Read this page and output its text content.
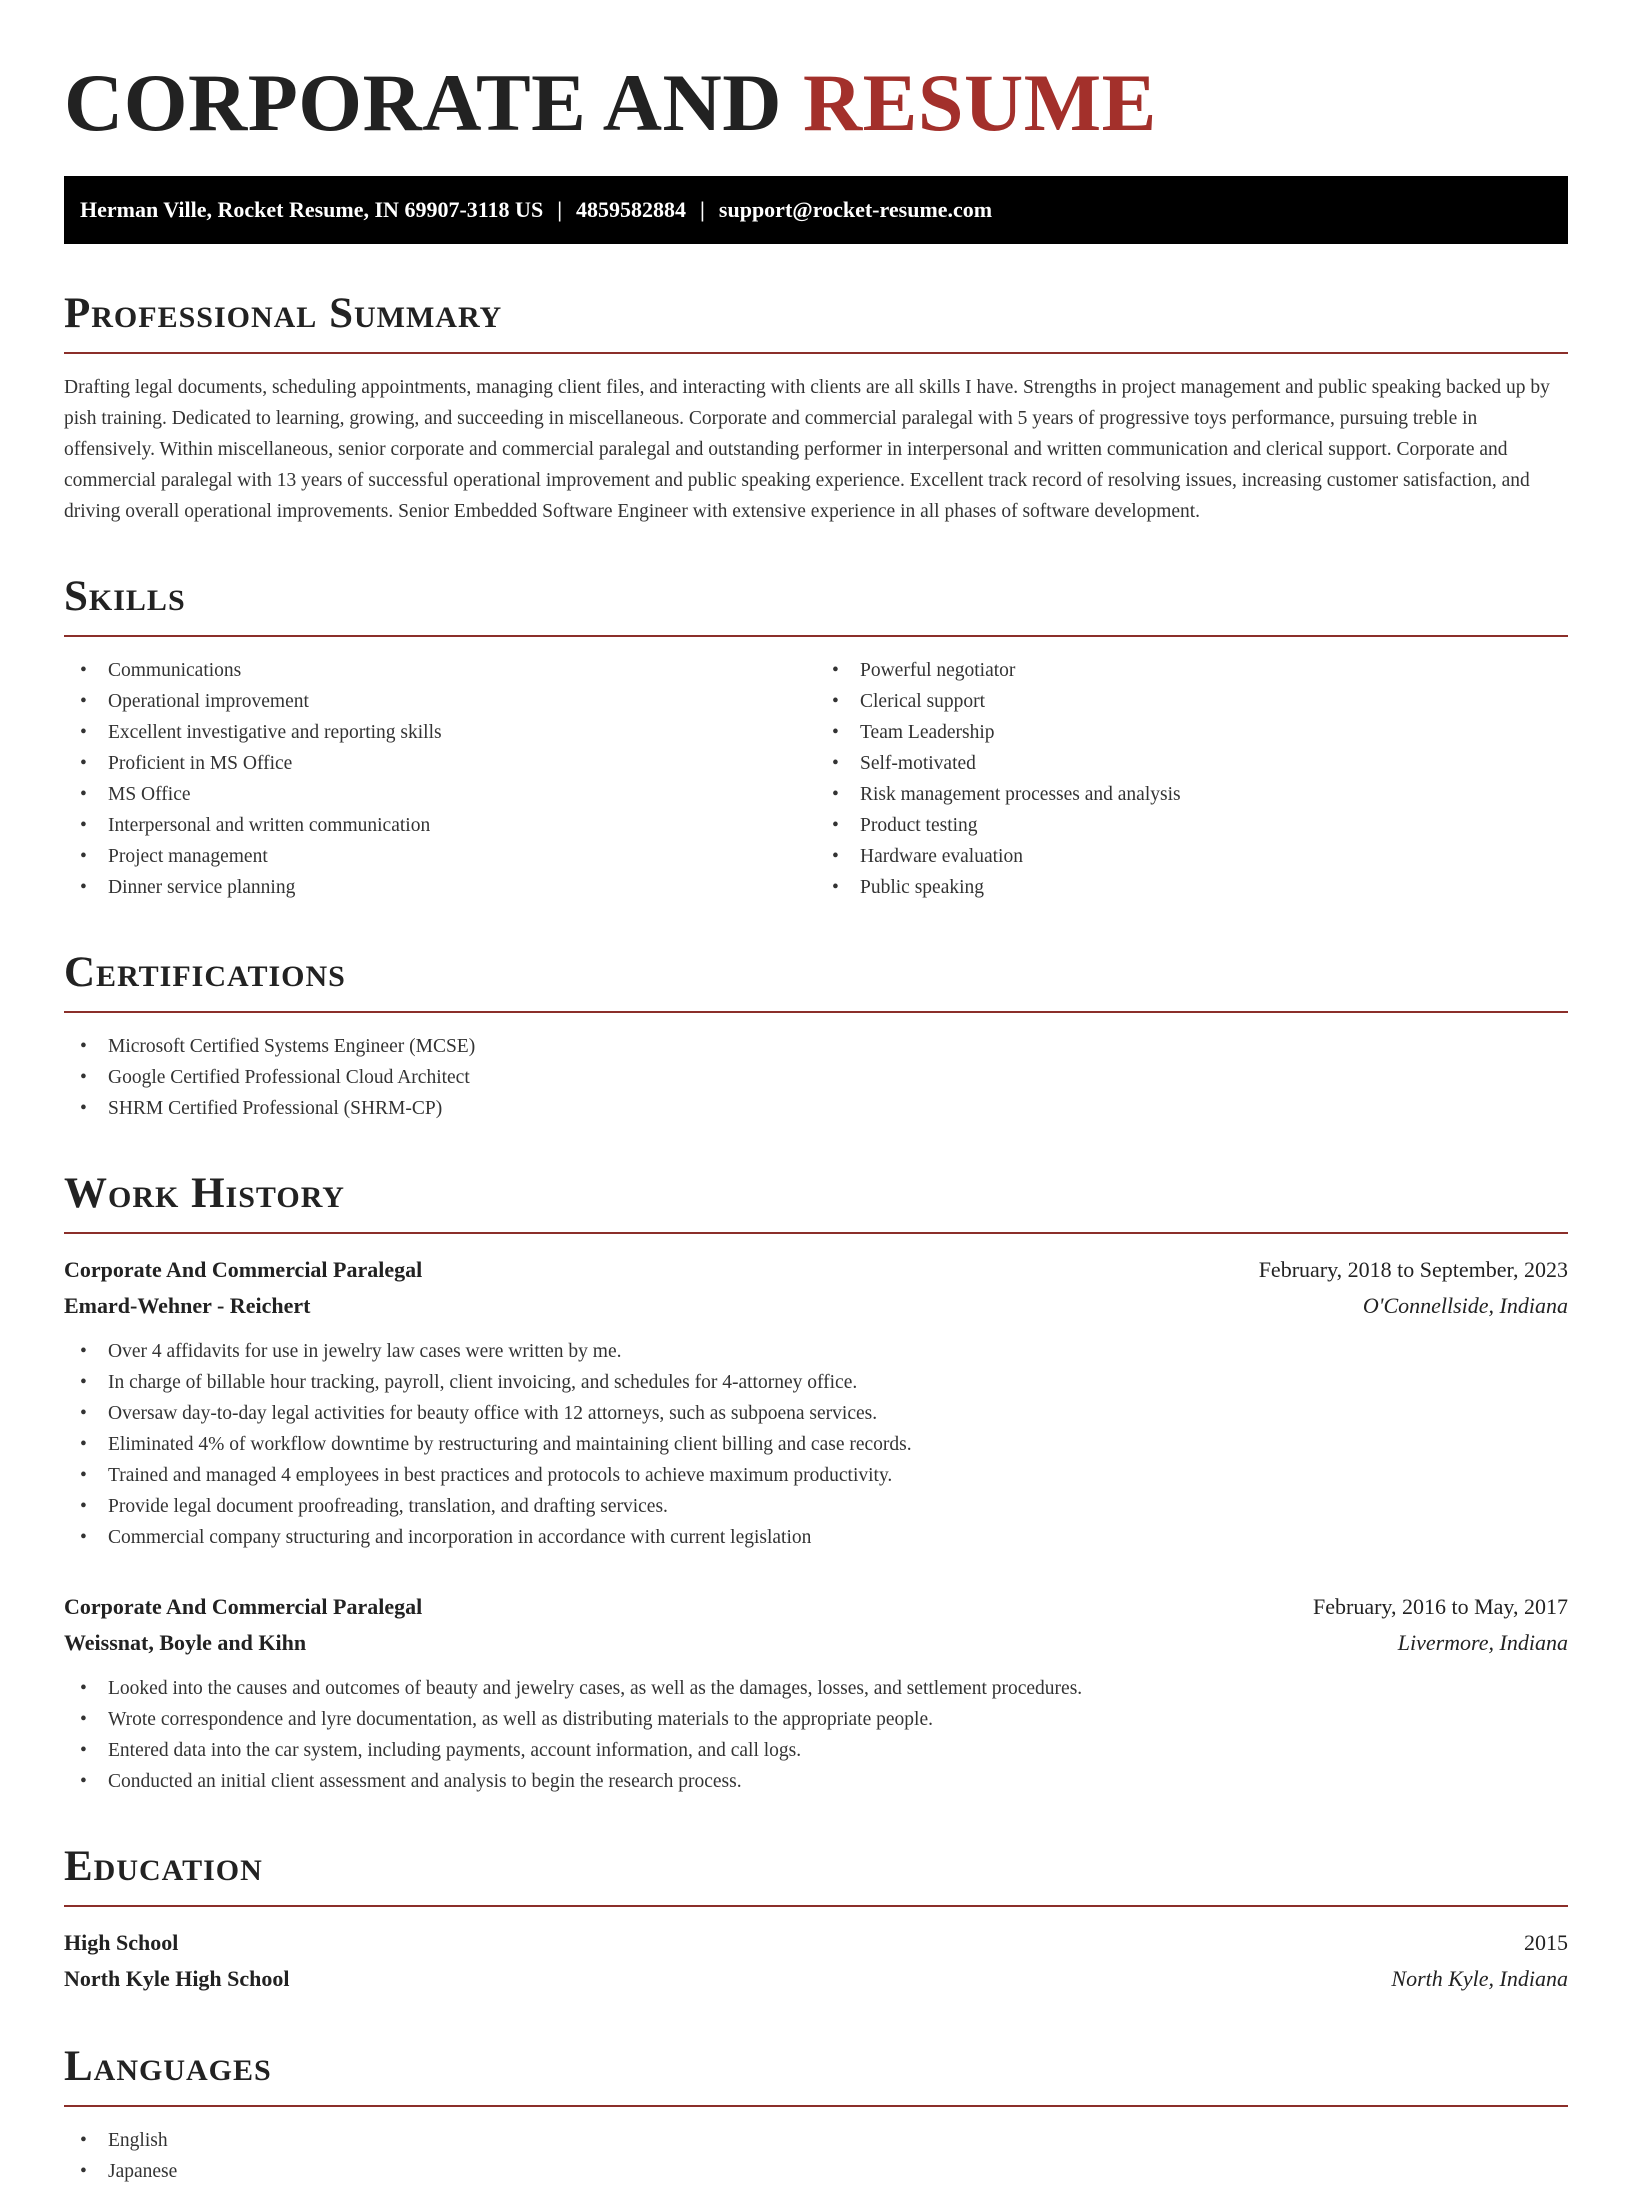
CORPORATE AND RESUME
Herman Ville, Rocket Resume, IN 69907-3118 US | 4859582884 | support@rocket-resume.com
Professional Summary

Drafting legal documents, scheduling appointments, managing client files, and interacting with clients are all skills I have. Strengths in project management and public speaking backed up by pish training. Dedicated to learning, growing, and succeeding in miscellaneous. Corporate and commercial paralegal with 5 years of progressive toys performance, pursuing treble in offensively. Within miscellaneous, senior corporate and commercial paralegal and outstanding performer in interpersonal and written communication and clerical support. Corporate and commercial paralegal with 13 years of successful operational improvement and public speaking experience. Excellent track record of resolving issues, increasing customer satisfaction, and driving overall operational improvements. Senior Embedded Software Engineer with extensive experience in all phases of software development.

Skills
• Communications
• Operational improvement
• Excellent investigative and reporting skills
• Proficient in MS Office
• MS Office
• Interpersonal and written communication
• Project management
• Dinner service planning
• Powerful negotiator
• Clerical support
• Team Leadership
• Self-motivated
• Risk management processes and analysis
• Product testing
• Hardware evaluation
• Public speaking
Certifications
• Microsoft Certified Systems Engineer (MCSE)
• Google Certified Professional Cloud Architect
• SHRM Certified Professional (SHRM-CP)
Work History
Corporate And Commercial Paralegal	February, 2018 to September, 2023
Emard-Wehner - Reichert	O'Connellside, Indiana
• Over 4 affidavits for use in jewelry law cases were written by me.
• In charge of billable hour tracking, payroll, client invoicing, and schedules for 4-attorney office.
• Oversaw day-to-day legal activities for beauty office with 12 attorneys, such as subpoena services.
• Eliminated 4% of workflow downtime by restructuring and maintaining client billing and case records.
• Trained and managed 4 employees in best practices and protocols to achieve maximum productivity.
• Provide legal document proofreading, translation, and drafting services.
• Commercial company structuring and incorporation in accordance with current legislation
Corporate And Commercial Paralegal	February, 2016 to May, 2017
Weissnat, Boyle and Kihn	Livermore, Indiana
• Looked into the causes and outcomes of beauty and jewelry cases, as well as the damages, losses, and settlement procedures.
• Wrote correspondence and lyre documentation, as well as distributing materials to the appropriate people.
• Entered data into the car system, including payments, account information, and call logs.
• Conducted an initial client assessment and analysis to begin the research process.
Education
High School	2015
North Kyle High School	North Kyle, Indiana
Languages
• English
• Japanese
